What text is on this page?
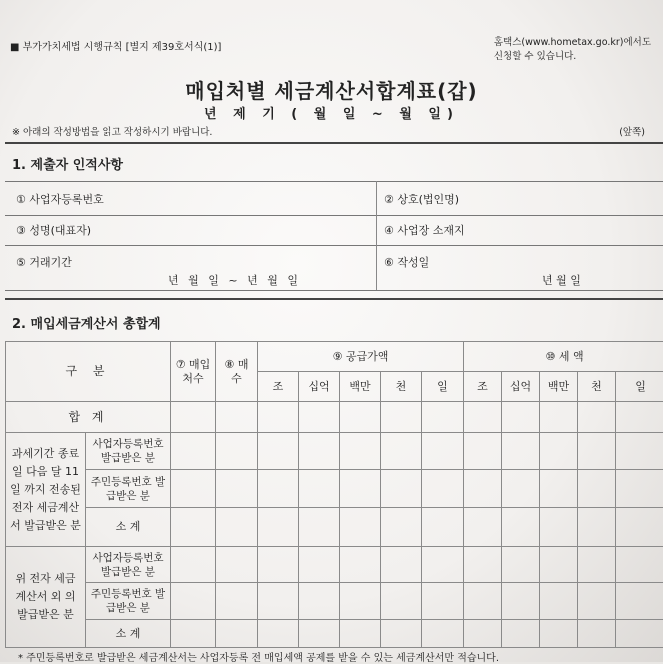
■ 부가가치세법 시행규칙 [별지 제39호서식(1)]	홈택스(www.hometax.go.kr)에서도
신청할 수 있습니다.
매입처별 세금계산서합계표(갑)
년 제 기 ( 월 일 ~ 월 일)
※ 아래의 작성방법을 읽고 작성하시기 바랍니다.	(앞쪽)
1. 제출자 인적사항
① 사업자등록번호	② 상호(법인명)
③ 성명(대표자)	④ 사업장 소재지
⑤ 거래기간
년 월 일 ~ 년 월 일
⑥ 작성일
년 월 일
2. 매입세금계산서 총합계
구 분		⑦ 매입 처수	⑧ 매수	⑨ 공급가액					⑩ 세 액				
				조	십억	백만	천	일	조	십억	백만	천	일
합 계													
과세기간 종료일 다음 달 11일 까지 전송된 전자 세금계산서 발급받은 분	사업자등록번호 발급받은 분												
	주민등록번호 발급받은 분												
	소 계												
위 전자 세금계산서 외 의 발급받은 분	사업자등록번호 발급받은 분												
	주민등록번호 발급받은 분												
	소 계												
* 주민등록번호로 발급받은 세금계산서는 사업자등록 전 매입세액 공제를 받을 수 있는 세금계산서만 적습니다.
